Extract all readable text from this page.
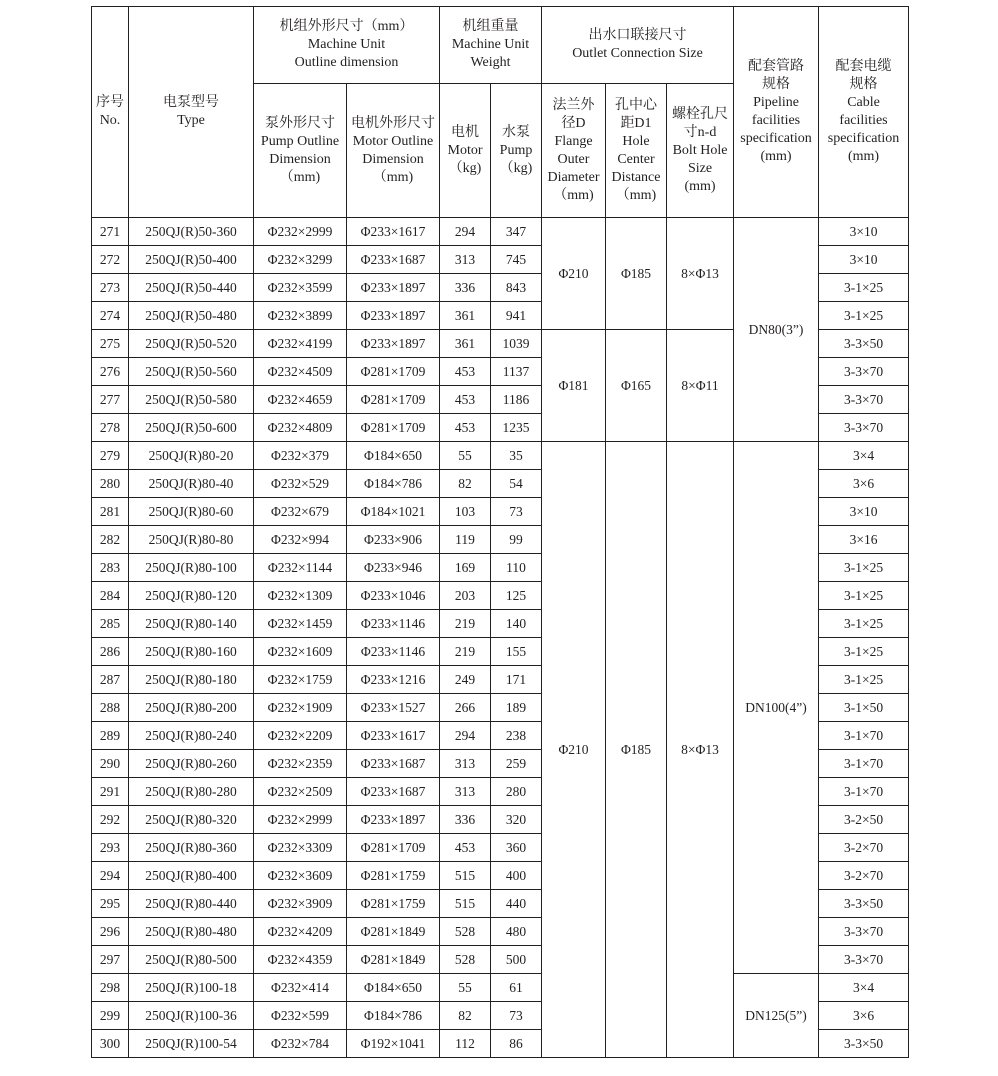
序号
No.

电泵型号
Type

机组外形尺寸（mm）
Machine Unit
Outline dimension

机组重量
Machine Unit
Weight

出水口联接尺寸
Outlet Connection Size

配套管路
规格
Pipeline
facilities
specification
(mm)

配套电缆
规格
Cable
facilities
specification
(mm)

泵外形尺寸
Pump Outline
Dimension
（mm)

电机外形尺寸
Motor Outline
Dimension
（mm)

电机
Motor
（kg)

水泵
Pump
（kg)

法兰外
径D
Flange
Outer
Diameter
（mm)

孔中心
距D1
Hole
Center
Distance
（mm)

螺栓孔尺
寸n-d
Bolt Hole
Size
(mm)

271	250QJ(R)50-360	Φ232×2999	Φ233×1617	294	347	Φ210	Φ185	8×Φ13	DN80(3”)	3×10
272	250QJ(R)50-400	Φ232×3299	Φ233×1687	313	745	3×10
273	250QJ(R)50-440	Φ232×3599	Φ233×1897	336	843	3-1×25
274	250QJ(R)50-480	Φ232×3899	Φ233×1897	361	941	3-1×25
275	250QJ(R)50-520	Φ232×4199	Φ233×1897	361	1039	Φ181	Φ165	8×Φ11	3-3×50
276	250QJ(R)50-560	Φ232×4509	Φ281×1709	453	1137	3-3×70
277	250QJ(R)50-580	Φ232×4659	Φ281×1709	453	1186	3-3×70
278	250QJ(R)50-600	Φ232×4809	Φ281×1709	453	1235	3-3×70
279	250QJ(R)80-20	Φ232×379	Φ184×650	55	35	Φ210	Φ185	8×Φ13	DN100(4”)	3×4
280	250QJ(R)80-40	Φ232×529	Φ184×786	82	54	3×6
281	250QJ(R)80-60	Φ232×679	Φ184×1021	103	73	3×10
282	250QJ(R)80-80	Φ232×994	Φ233×906	119	99	3×16
283	250QJ(R)80-100	Φ232×1144	Φ233×946	169	110	3-1×25
284	250QJ(R)80-120	Φ232×1309	Φ233×1046	203	125	3-1×25
285	250QJ(R)80-140	Φ232×1459	Φ233×1146	219	140	3-1×25
286	250QJ(R)80-160	Φ232×1609	Φ233×1146	219	155	3-1×25
287	250QJ(R)80-180	Φ232×1759	Φ233×1216	249	171	3-1×25
288	250QJ(R)80-200	Φ232×1909	Φ233×1527	266	189	3-1×50
289	250QJ(R)80-240	Φ232×2209	Φ233×1617	294	238	3-1×70
290	250QJ(R)80-260	Φ232×2359	Φ233×1687	313	259	3-1×70
291	250QJ(R)80-280	Φ232×2509	Φ233×1687	313	280	3-1×70
292	250QJ(R)80-320	Φ232×2999	Φ233×1897	336	320	3-2×50
293	250QJ(R)80-360	Φ232×3309	Φ281×1709	453	360	3-2×70
294	250QJ(R)80-400	Φ232×3609	Φ281×1759	515	400	3-2×70
295	250QJ(R)80-440	Φ232×3909	Φ281×1759	515	440	3-3×50
296	250QJ(R)80-480	Φ232×4209	Φ281×1849	528	480	3-3×70
297	250QJ(R)80-500	Φ232×4359	Φ281×1849	528	500	3-3×70
298	250QJ(R)100-18	Φ232×414	Φ184×650	55	61	DN125(5”)	3×4
299	250QJ(R)100-36	Φ232×599	Φ184×786	82	73	3×6
300	250QJ(R)100-54	Φ232×784	Φ192×1041	112	86	3-3×50
